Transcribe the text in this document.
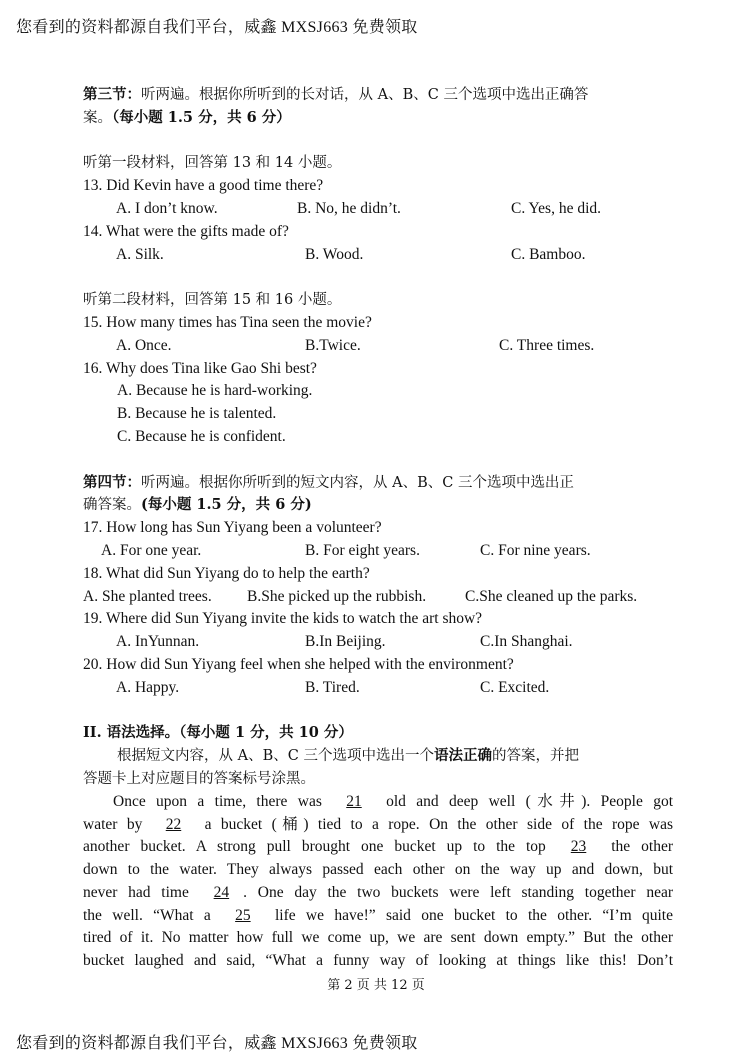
您看到的资料都源自我们平台，威鑫 MXSJ663 免费领取
第三节：听两遍。根据你所听到的长对话，从 A、B、C 三个选项中选出正确答
案。（每小题 1.5 分，共 6 分）
听第一段材料，回答第 13 和 14 小题。
13. Did Kevin have a good time there?
A. I don’t know.	B. No, he didn’t.	C. Yes, he did.
14. What were the gifts made of?
A. Silk.	B. Wood.	C. Bamboo.
听第二段材料，回答第 15 和 16 小题。
15. How many times has Tina seen the movie?
A. Once.	B.Twice.	C. Three times.
16. Why does Tina like Gao Shi best?
A. Because he is hard-working.
B. Because he is talented.
C. Because he is confident.
第四节：听两遍。根据你所听到的短文内容，从 A、B、C 三个选项中选出正
确答案。(每小题 1.5 分，共 6 分)
17. How long has Sun Yiyang been a volunteer?
A. For one year.	B. For eight years.	C. For nine years.
18. What did Sun Yiyang do to help the earth?
A. She planted trees. B.She picked up the rubbish.	C.She cleaned up the parks.
19. Where did Sun Yiyang invite the kids to watch the art show?
A. InYunnan.	B.In Beijing.	C.In Shanghai.
20. How did Sun Yiyang feel when she helped with the environment?
A. Happy.	B. Tired.	C. Excited.
II. 语法选择。（每小题 1 分，共 10 分）
根据短文内容，从 A、B、C 三个选项中选出一个语法正确的答案，并把
答题卡上对应题目的答案标号涂黑。
Once upon a time, there was 21 old and deep well (水井). People got
water by 22 a bucket (桶) tied to a rope. On the other side of the rope was
another bucket. A strong pull brought one bucket up to the top 23 the other
down to the water. They always passed each other on the way up and down, but
never had time 24 . One day the two buckets were left standing together near
the well. “What a 25 life we have!” said one bucket to the other. “I’m quite
tired of it. No matter how full we come up, we are sent down empty.” But the other
bucket laughed and said, “What a funny way of looking at things like this! Don’t
第 2 页 共 12 页
您看到的资料都源自我们平台，威鑫 MXSJ663 免费领取
